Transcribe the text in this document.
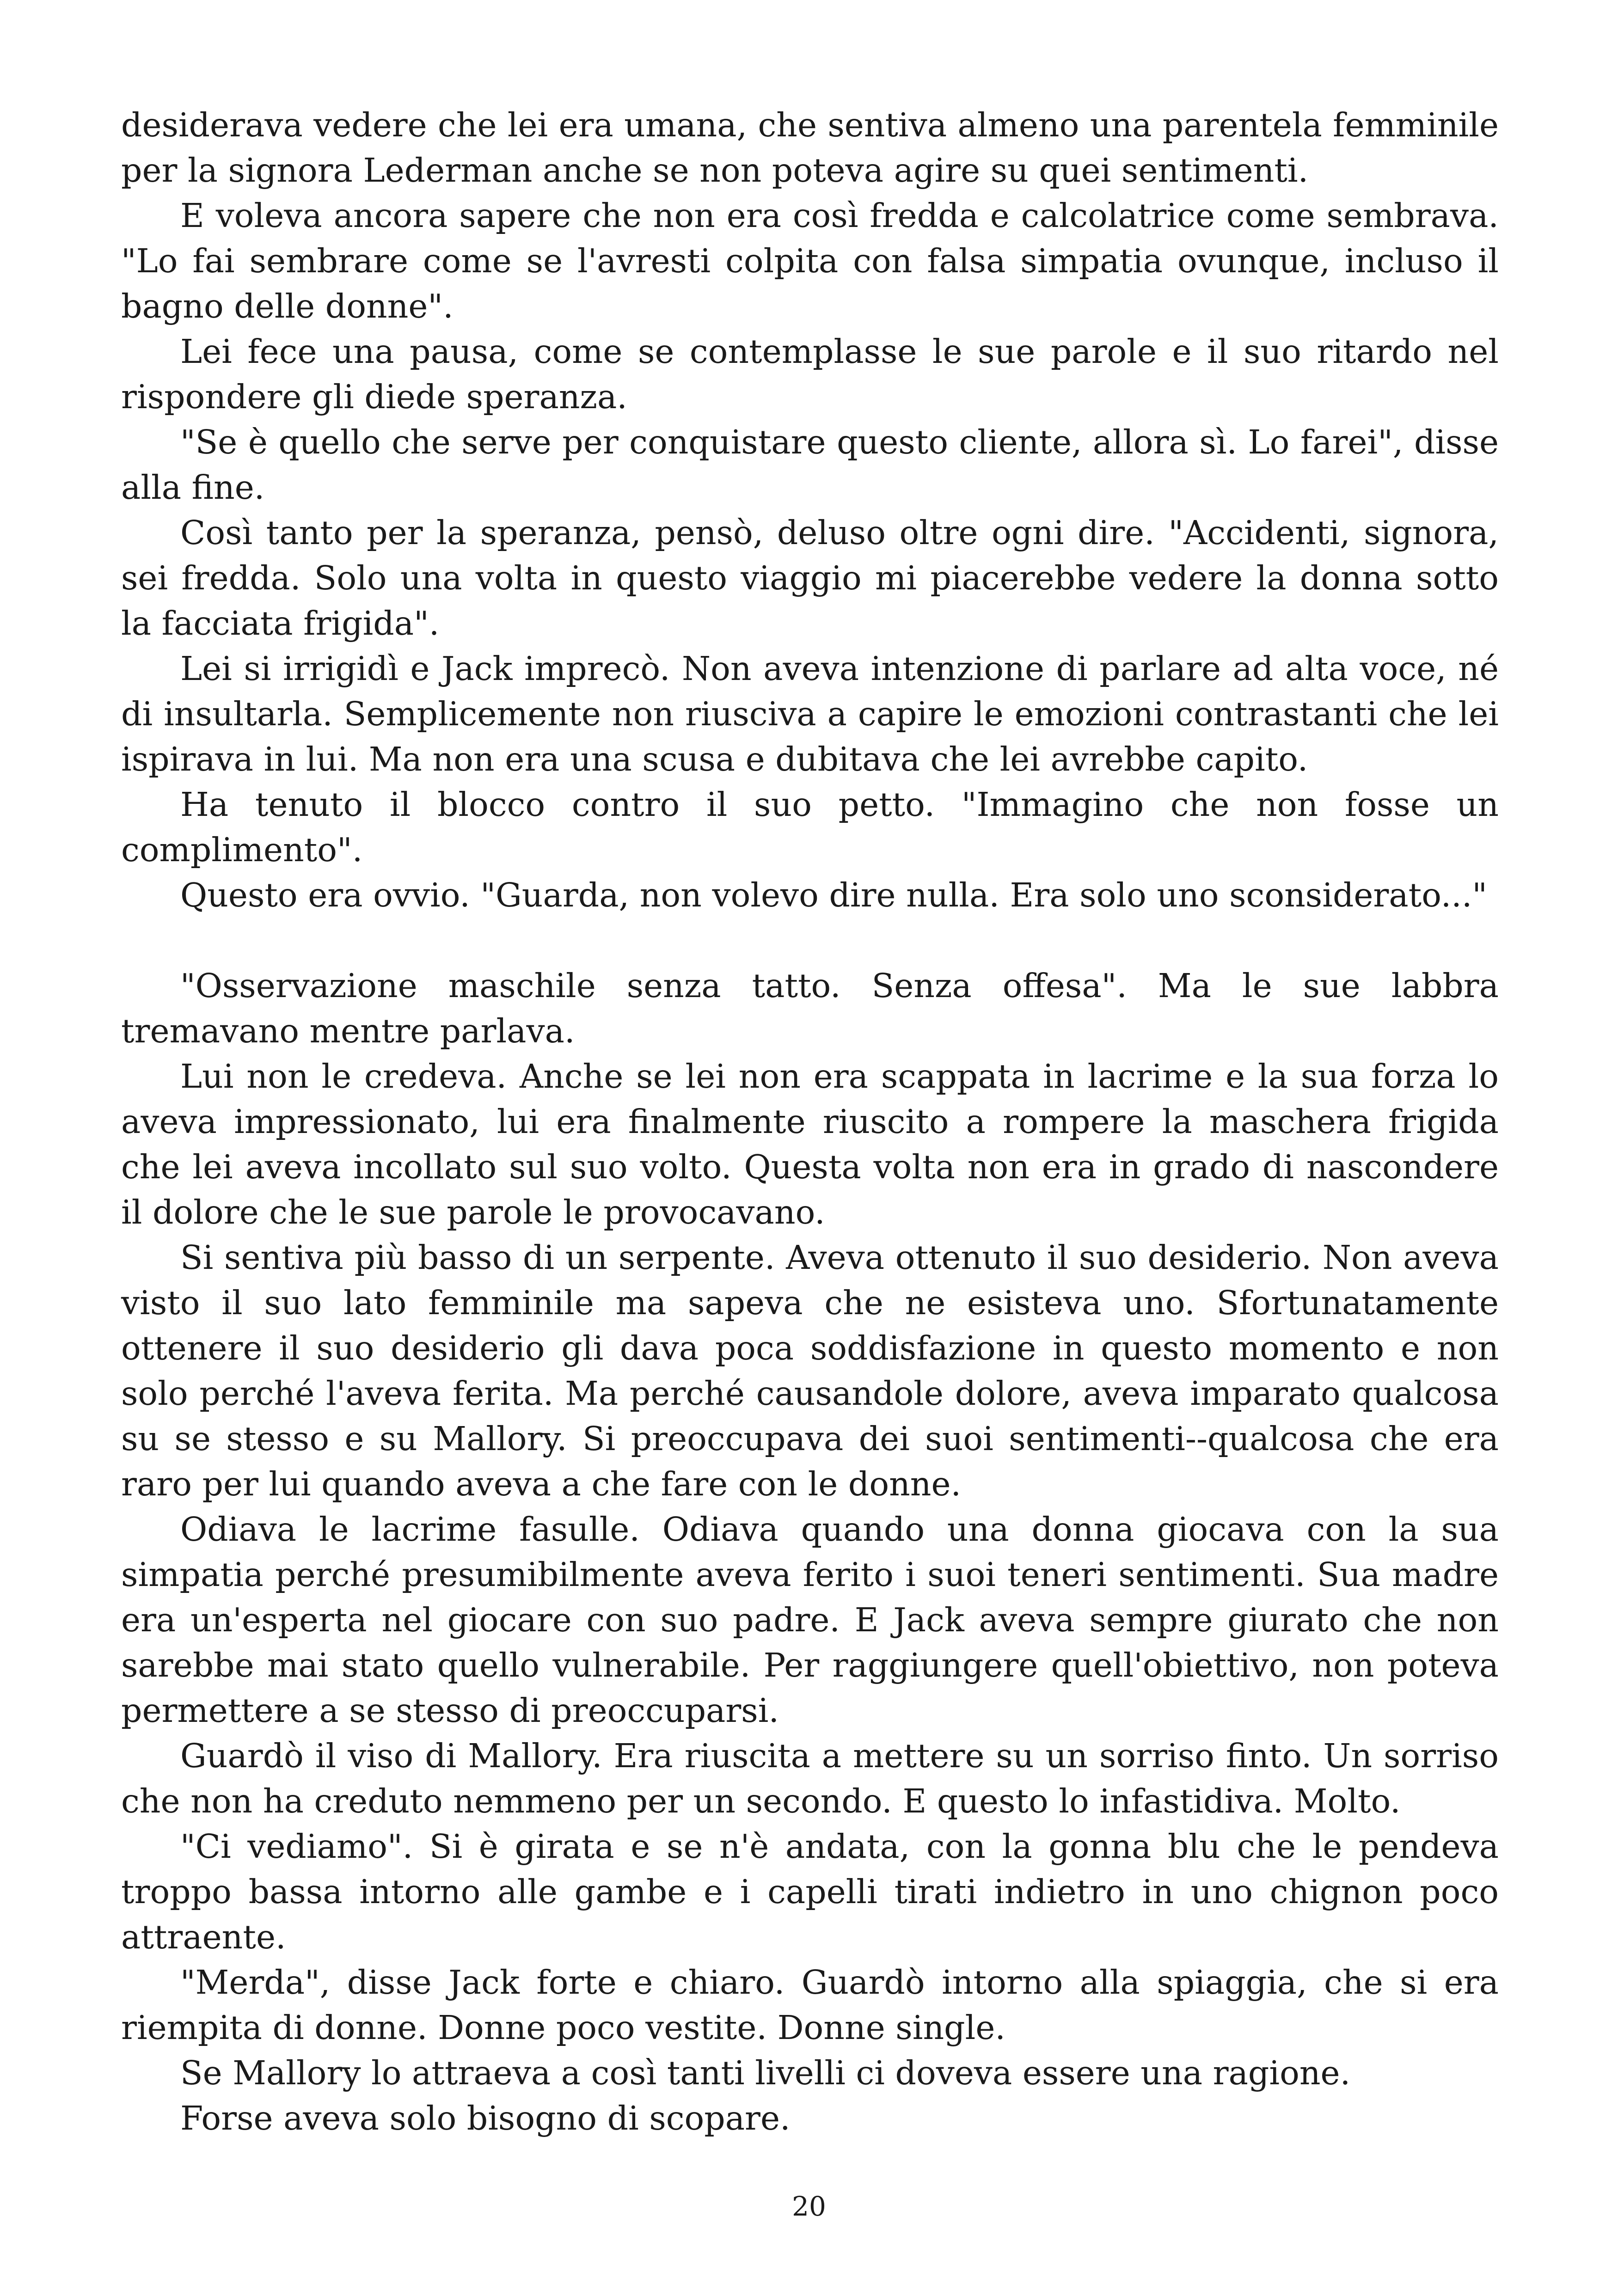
desiderava vedere che lei era umana, che sentiva almeno una parentela femminile per la signora Lederman anche se non poteva agire su quei sentimenti.

E voleva ancora sapere che non era così fredda e calcolatrice come sembrava. "Lo fai sembrare come se l'avresti colpita con falsa simpatia ovunque, incluso il bagno delle donne".

Lei fece una pausa, come se contemplasse le sue parole e il suo ritardo nel rispondere gli diede speranza.

"Se è quello che serve per conquistare questo cliente, allora sì. Lo farei", disse alla fine.

Così tanto per la speranza, pensò, deluso oltre ogni dire. "Accidenti, signora, sei fredda. Solo una volta in questo viaggio mi piacerebbe vedere la donna sotto la facciata frigida".

Lei si irrigidì e Jack imprecò. Non aveva intenzione di parlare ad alta voce, né di insultarla. Semplicemente non riusciva a capire le emozioni contrastanti che lei ispirava in lui. Ma non era una scusa e dubitava che lei avrebbe capito.

Ha tenuto il blocco contro il suo petto. "Immagino che non fosse un complimento".

Questo era ovvio. "Guarda, non volevo dire nulla. Era solo uno sconsiderato..."

"Osservazione maschile senza tatto. Senza offesa". Ma le sue labbra tremavano mentre parlava.

Lui non le credeva. Anche se lei non era scappata in lacrime e la sua forza lo aveva impressionato, lui era finalmente riuscito a rompere la maschera frigida che lei aveva incollato sul suo volto. Questa volta non era in grado di nascondere il dolore che le sue parole le provocavano.

Si sentiva più basso di un serpente. Aveva ottenuto il suo desiderio. Non aveva visto il suo lato femminile ma sapeva che ne esisteva uno. Sfortunatamente ottenere il suo desiderio gli dava poca soddisfazione in questo momento e non solo perché l'aveva ferita. Ma perché causandole dolore, aveva imparato qualcosa su se stesso e su Mallory. Si preoccupava dei suoi sentimenti--qualcosa che era raro per lui quando aveva a che fare con le donne.

Odiava le lacrime fasulle. Odiava quando una donna giocava con la sua simpatia perché presumibilmente aveva ferito i suoi teneri sentimenti. Sua madre era un'esperta nel giocare con suo padre. E Jack aveva sempre giurato che non sarebbe mai stato quello vulnerabile. Per raggiungere quell'obiettivo, non poteva permettere a se stesso di preoccuparsi.

Guardò il viso di Mallory. Era riuscita a mettere su un sorriso finto. Un sorriso che non ha creduto nemmeno per un secondo. E questo lo infastidiva. Molto.

"Ci vediamo". Si è girata e se n'è andata, con la gonna blu che le pendeva troppo bassa intorno alle gambe e i capelli tirati indietro in uno chignon poco attraente.

"Merda", disse Jack forte e chiaro. Guardò intorno alla spiaggia, che si era riempita di donne. Donne poco vestite. Donne single.

Se Mallory lo attraeva a così tanti livelli ci doveva essere una ragione.

Forse aveva solo bisogno di scopare.

20
